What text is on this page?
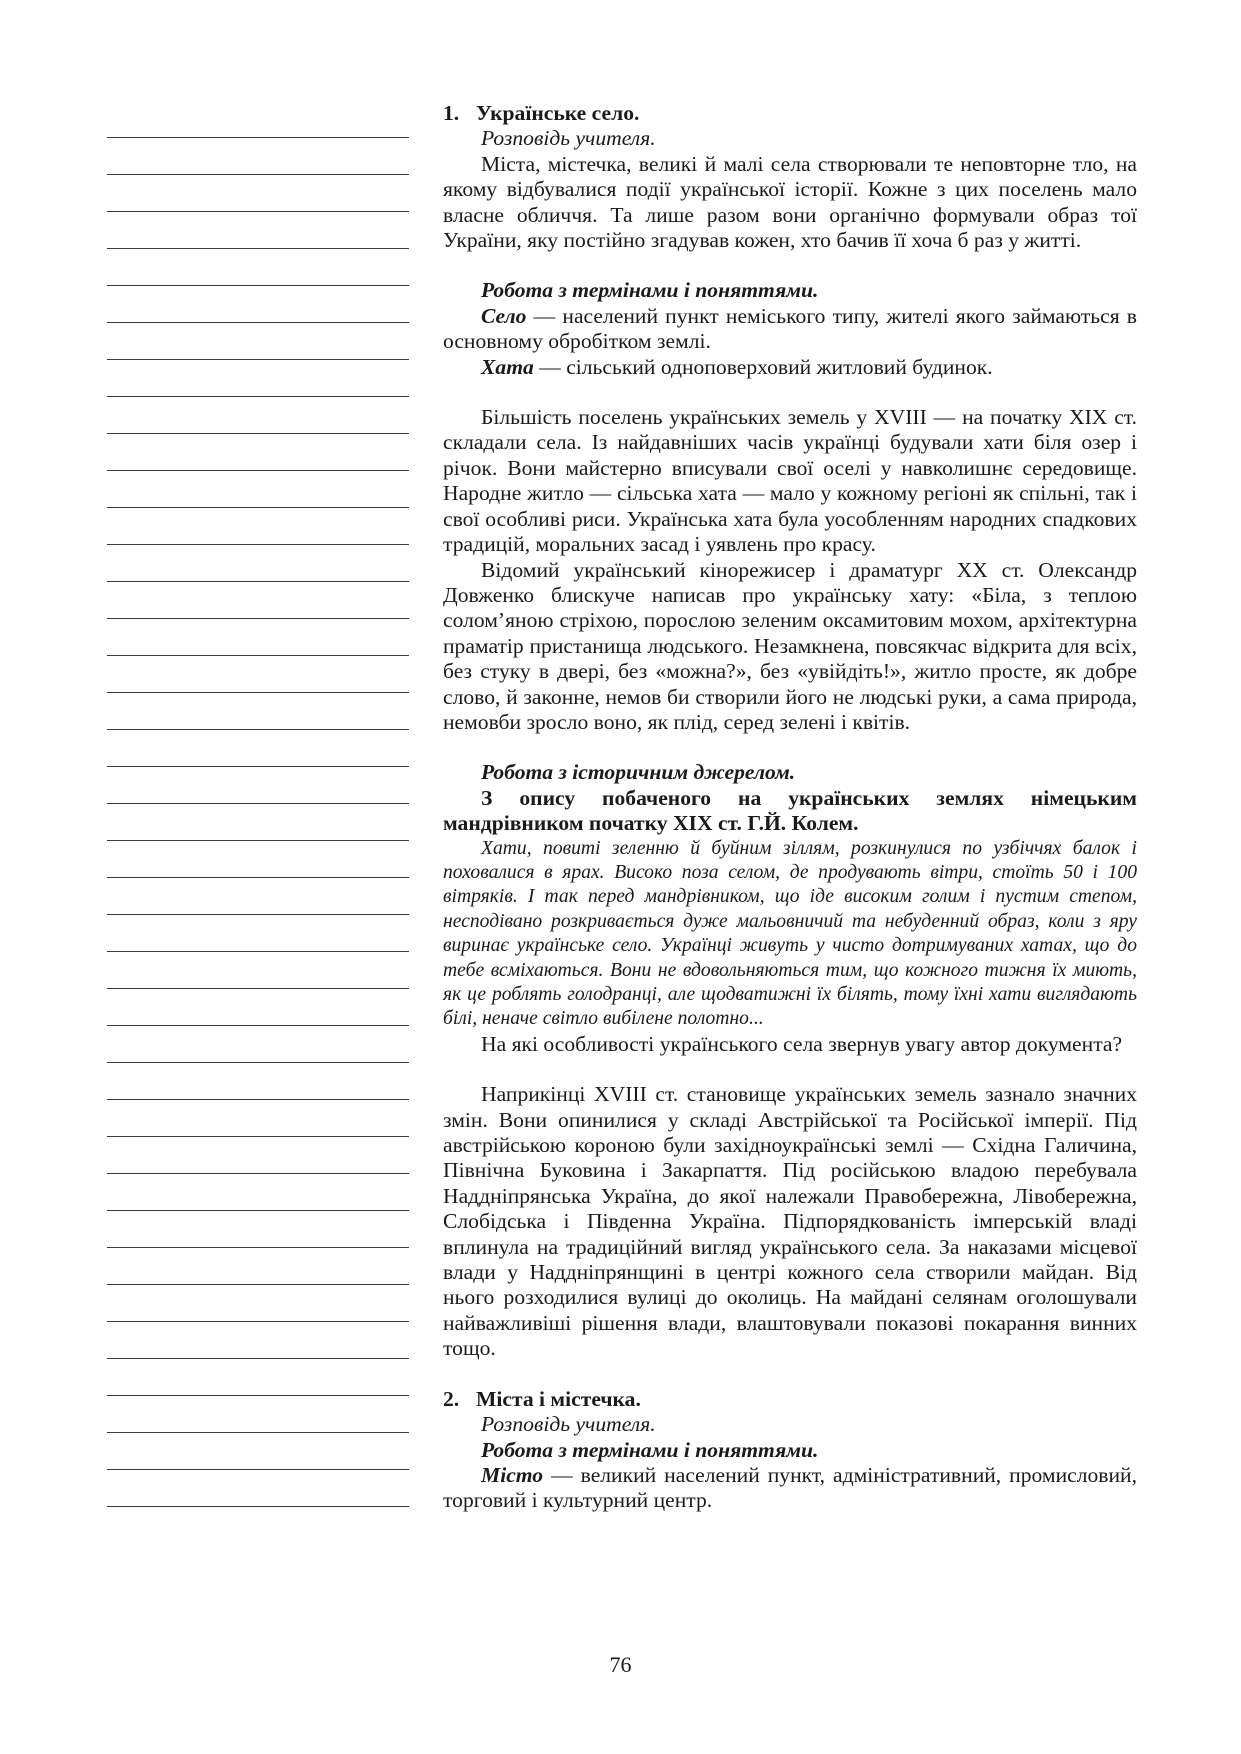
1. Українське село.

Розповідь учителя.

Міста, містечка, великі й малі села створювали те неповторне тло, на якому відбувалися події української історії. Кожне з цих поселень мало власне обличчя. Та лише разом вони органічно формували образ тої України, яку постійно згадував кожен, хто бачив її хоча б раз у житті.

Робота з термінами і поняттями.

Село — населений пункт неміського типу, жителі якого займаються в основному обробітком землі.

Хата — сільський одноповерховий житловий будинок.

Більшість поселень українських земель у XVIII — на початку XIX ст. складали села. Із найдавніших часів українці будували хати біля озер і річок. Вони майстерно вписували свої оселі у навколишнє середовище. Народне житло — сільська хата — мало у кожному регіоні як спільні, так і свої особливі риси. Українська хата була уособленням народних спадкових традицій, моральних засад і уявлень про красу.

Відомий український кінорежисер і драматург XX ст. Олександр Довженко блискуче написав про українську хату: «Біла, з теплою солом’яною стріхою, порослою зеленим оксамитовим мохом, архітектурна праматір пристанища людського. Незамкнена, повсякчас відкрита для всіх, без стуку в двері, без «можна?», без «увійдіть!», житло просте, як добре слово, й законне, немов би створили його не людські руки, а сама природа, немовби зросло воно, як плід, серед зелені і квітів.

Робота з історичним джерелом.

З опису побаченого на українських землях німецьким мандрівником початку XIX ст. Г.Й. Колем.

Хати, повиті зеленню й буйним зіллям, розкинулися по узбіччях балок і поховалися в ярах. Високо поза селом, де продувають вітри, стоїть 50 і 100 вітряків. І так перед мандрівником, що іде високим голим і пустим степом, несподівано розкривається дуже мальовничий та небуденний образ, коли з яру виринає українське село. Українці живуть у чисто дотримуваних хатах, що до тебе всміхаються. Вони не вдовольняються тим, що кожного тижня їх миють, як це роблять голодранці, але щодватижні їх білять, тому їхні хати виглядають білі, неначе світло вибілене полотно...

На які особливості українського села звернув увагу автор документа?

Наприкінці XVIII ст. становище українських земель зазнало значних змін. Вони опинилися у складі Австрійської та Російської імперії. Під австрійською короною були західноукраїнські землі — Східна Галичина, Північна Буковина і Закарпаття. Під російською владою перебувала Наддніпрянська Україна, до якої належали Правобережна, Лівобережна, Слобідська і Південна Україна. Підпорядкованість імперській владі вплинула на традиційний вигляд українського села. За наказами місцевої влади у Наддніпрянщині в центрі кожного села створили майдан. Від нього розходилися вулиці до околиць. На майдані селянам оголошували найважливіші рішення влади, влаштовували показові покарання винних тощо.

2. Міста і містечка.

Розповідь учителя.

Робота з термінами і поняттями.

Місто — великий населений пункт, адміністративний, промисловий, торговий і культурний центр.

76
